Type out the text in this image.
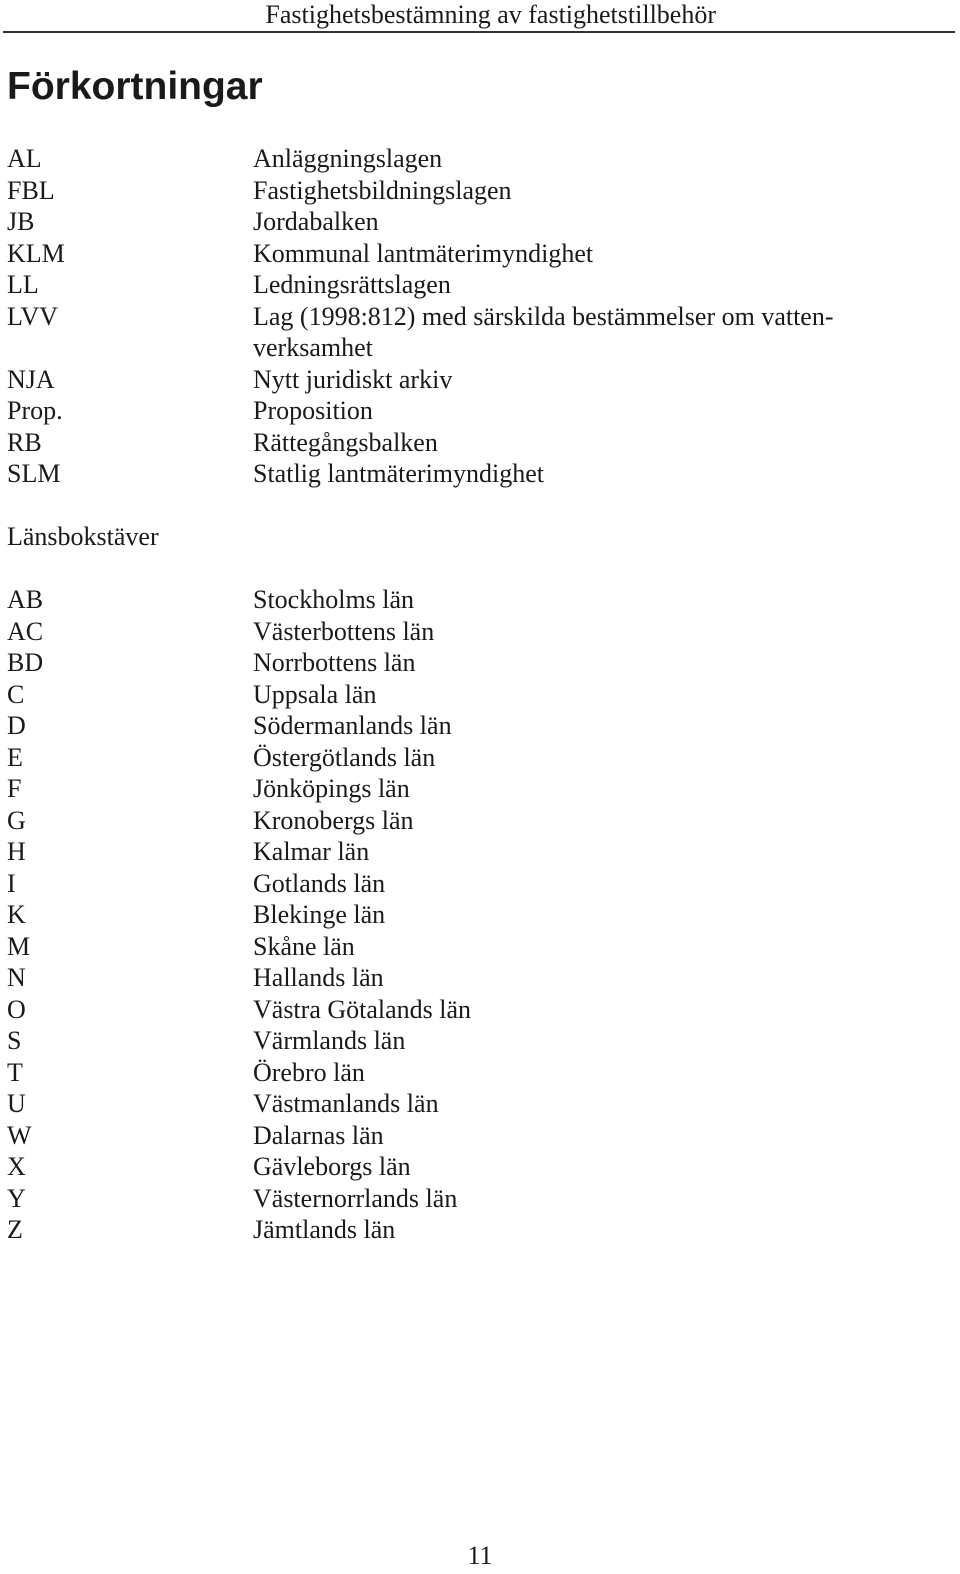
Fastighetsbestämning av fastighetstillbehör
Förkortningar
AL	Anläggningslagen
FBL	Fastighetsbildningslagen
JB	Jordabalken
KLM	Kommunal lantmäterimyndighet
LL	Ledningsrättslagen
LVV	Lag (1998:812) med särskilda bestämmelser om vatten-
verksamhet
NJA	Nytt juridiskt arkiv
Prop.	Proposition
RB	Rättegångsbalken
SLM	Statlig lantmäterimyndighet
Länsbokstäver
AB	Stockholms län
AC	Västerbottens län
BD	Norrbottens län
C	Uppsala län
D	Södermanlands län
E	Östergötlands län
F	Jönköpings län
G	Kronobergs län
H	Kalmar län
I	Gotlands län
K	Blekinge län
M	Skåne län
N	Hallands län
O	Västra Götalands län
S	Värmlands län
T	Örebro län
U	Västmanlands län
W	Dalarnas län
X	Gävleborgs län
Y	Västernorrlands län
Z	Jämtlands län
11
